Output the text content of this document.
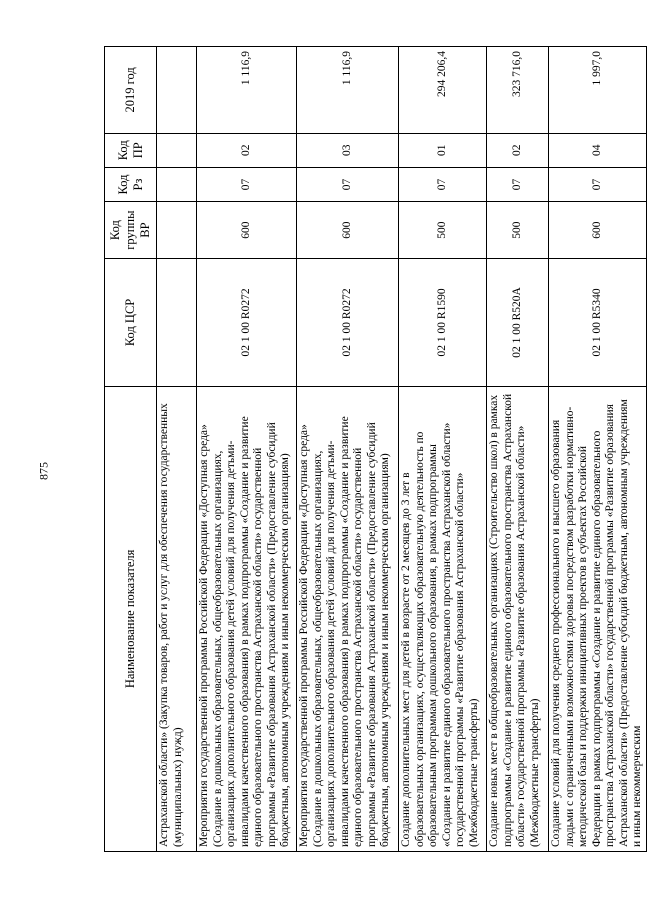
875
Наименование показателя	Код ЦСР	Код группы ВР	Код Рз	Код ПР	2019 год
Астраханской области» (Закупка товаров, работ и услуг для обеспечения государственных (муниципальных) нужд)					
Мероприятия государственной программы Российской Федерации «Доступная среда» (Создание в дошкольных образовательных, общеобразовательных организациях, организациях дополнительного образования детей условий для получения детьми-инвалидами качественного образования) в рамках подпрограммы «Создание и развитие единого образовательного пространства Астраханской области» государственной программы «Развитие образования Астраханской области» (Предоставление субсидий бюджетным, автономным учреждениям и иным некоммерческим организациям)	02 1 00 R0272	600	07	02	1 116,9
Мероприятия государственной программы Российской Федерации «Доступная среда» (Создание в дошкольных образовательных, общеобразовательных организациях, организациях дополнительного образования детей условий для получения детьми-инвалидами качественного образования) в рамках подпрограммы «Создание и развитие единого образовательного пространства Астраханской области» государственной программы «Развитие образования Астраханской области» (Предоставление субсидий бюджетным, автономным учреждениям и иным некоммерческим организациям)	02 1 00 R0272	600	07	03	1 116,9
Создание дополнительных мест для детей в возрасте от 2 месяцев до 3 лет в образовательных организациях, осуществляющих образовательную деятельность по образовательным программам дошкольного образования, в рамках подпрограммы «Создание и развитие единого образовательного пространства Астраханской области» государственной программы «Развитие образования Астраханской области» (Межбюджетные трансферты)	02 1 00 R1590	500	07	01	294 206,4
Создание новых мест в общеобразовательных организациях (Строительство школ) в рамках подпрограммы «Создание и развитие единого образовательного пространства Астраханской области» государственной программы «Развитие образования Астраханской области» (Межбюджетные трансферты)	02 1 00 R520A	500	07	02	323 716,0
Создание условий для получения среднего профессионального и высшего образования людьми с ограниченными возможностями здоровья посредством разработки нормативно-методической базы и поддержки инициативных проектов в субъектах Российской Федерации в рамках подпрограммы «Создание и развитие единого образовательного пространства Астраханской области» государственной программы «Развитие образования Астраханской области» (Предоставление субсидий бюджетным, автономным учреждениям и иным некоммерческим	02 1 00 R5340	600	07	04	1 997,0
